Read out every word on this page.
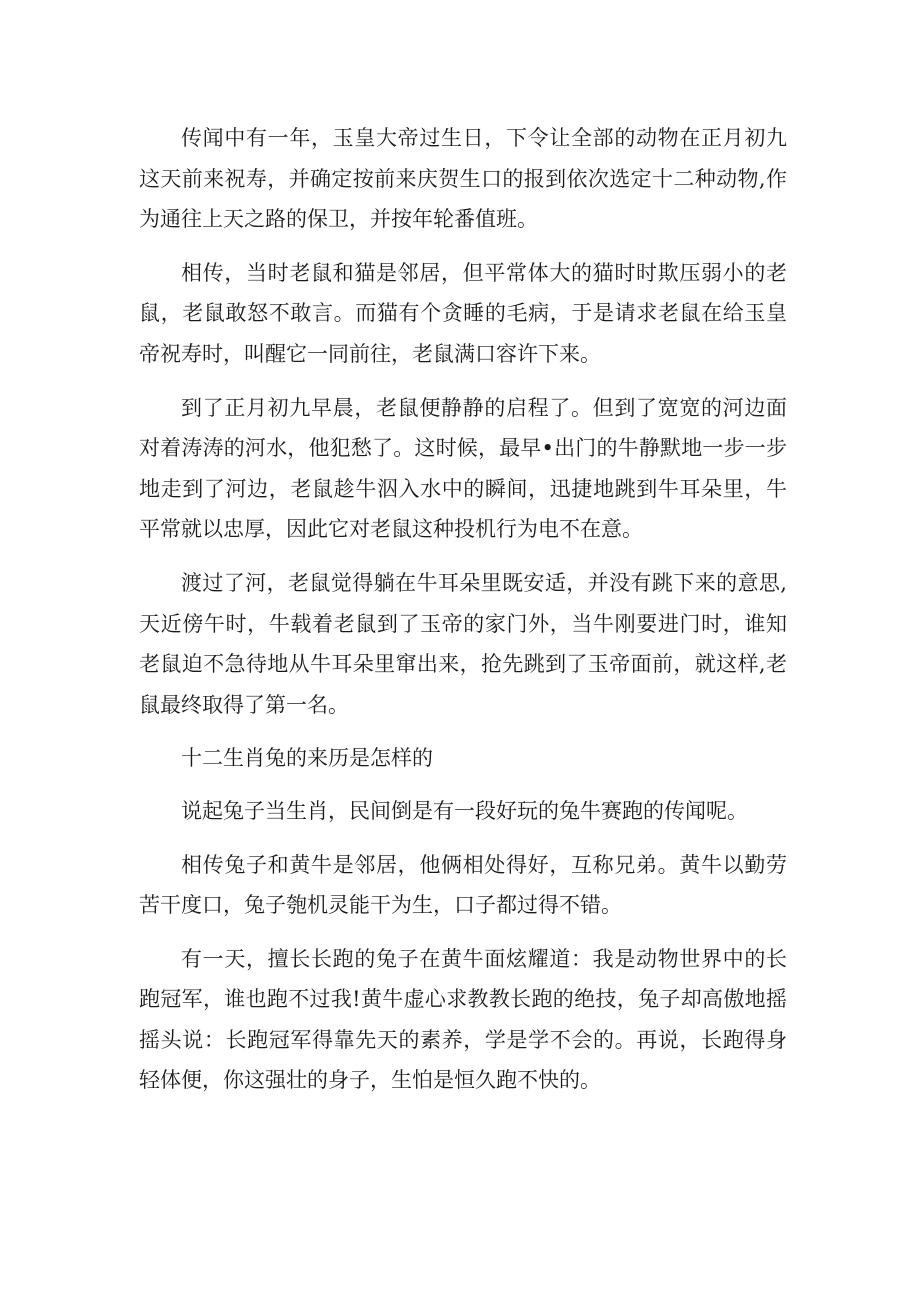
传闻中有一年，玉皇大帝过生日，下令让全部的动物在正月初九这天前来祝寿，并确定按前来庆贺生口的报到依次选定十二种动物,作为通往上天之路的保卫，并按年轮番值班。

相传，当时老鼠和猫是邻居，但平常体大的猫时时欺压弱小的老鼠，老鼠敢怒不敢言。而猫有个贪睡的毛病，于是请求老鼠在给玉皇帝祝寿时，叫醒它一同前往，老鼠满口容许下来。

到了正月初九早晨，老鼠便静静的启程了。但到了宽宽的河边面对着涛涛的河水，他犯愁了。这时候，最早•出门的牛静默地一步一步地走到了河边，老鼠趁牛泅入水中的瞬间，迅捷地跳到牛耳朵里，牛平常就以忠厚，因此它对老鼠这种投机行为电不在意。

渡过了河，老鼠觉得躺在牛耳朵里既安适，并没有跳下来的意思,天近傍午时，牛载着老鼠到了玉帝的家门外，当牛刚要进门时，谁知老鼠迫不急待地从牛耳朵里窜出来，抢先跳到了玉帝面前，就这样,老鼠最终取得了第一名。

十二生肖兔的来历是怎样的

说起兔子当生肖，民间倒是有一段好玩的兔牛赛跑的传闻呢。

相传兔子和黄牛是邻居，他俩相处得好，互称兄弟。黄牛以勤劳苦干度口，兔子匏机灵能干为生，口子都过得不错。

有一天，擅长长跑的兔子在黄牛面炫耀道：我是动物世界中的长跑冠军，谁也跑不过我!黄牛虚心求教教长跑的绝技，兔子却高傲地摇摇头说：长跑冠军得靠先天的素养，学是学不会的。再说，长跑得身轻体便，你这强壮的身子，生怕是恒久跑不快的。
